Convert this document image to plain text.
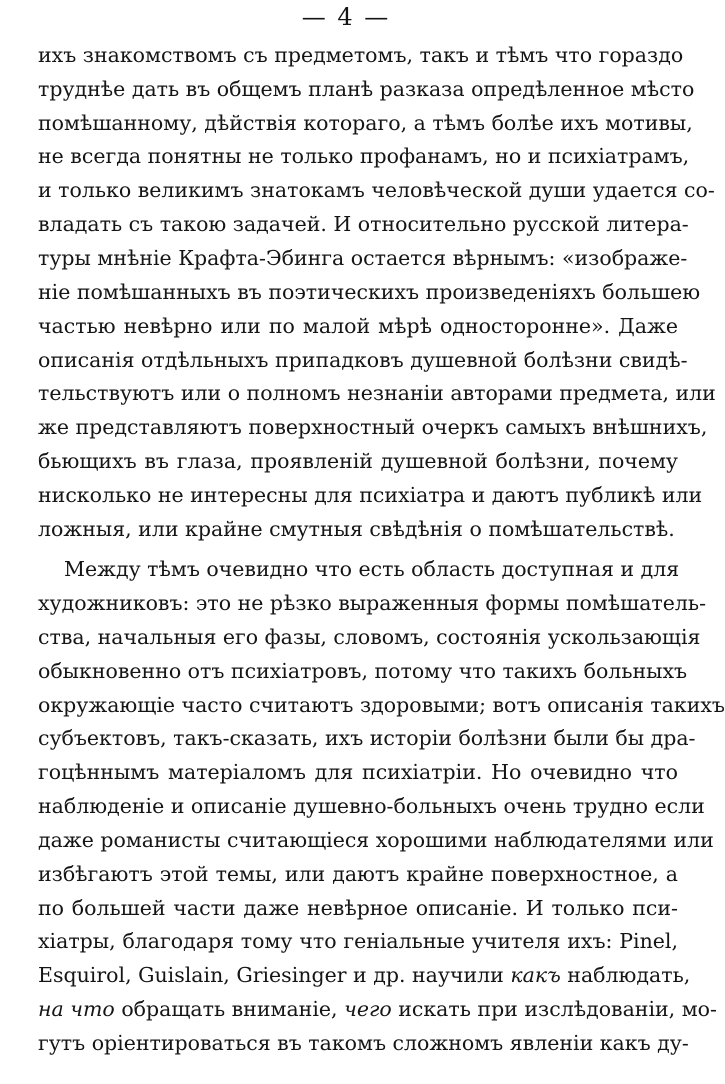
— 4 —
ихъ знакомствомъ съ предметомъ, такъ и тѣмъ что гораздо
труднѣе дать въ общемъ планѣ разказа опредѣленное мѣсто
помѣшанному, дѣйствія котораго, а тѣмъ болѣе ихъ мотивы,
не всегда понятны не только профанамъ, но и психіатрамъ,
и только великимъ знатокамъ человѣческой души удается со-
владать съ такою задачей. И относительно русской литера-
туры мнѣніе Крафта-Эбинга остается вѣрнымъ: «изображе-
ніе помѣшанныхъ въ поэтическихъ произведеніяхъ большею
частью невѣрно или по малой мѣрѣ односторонне». Даже
описанія отдѣльныхъ припадковъ душевной болѣзни свидѣ-
тельствуютъ или о полномъ незнаніи авторами предмета, или
же представляютъ поверхностный очеркъ самыхъ внѣшнихъ,
бьющихъ въ глаза, проявленій душевной болѣзни, почему
нисколько не интересны для психіатра и даютъ публикѣ или
ложныя, или крайне смутныя свѣдѣнія о помѣшательствѣ.
Между тѣмъ очевидно что есть область доступная и для
художниковъ: это не рѣзко выраженныя формы помѣшатель-
ства, начальныя его фазы, словомъ, состоянія ускользающія
обыкновенно отъ психіатровъ, потому что такихъ больныхъ
окружающіе часто считаютъ здоровыми; вотъ описанія такихъ
субъектовъ, такъ-сказать, ихъ исторіи болѣзни были бы дра-
гоцѣннымъ матеріаломъ для психіатріи. Но очевидно что
наблюденіе и описаніе душевно-больныхъ очень трудно если
даже романисты считающіеся хорошими наблюдателями или
избѣгаютъ этой темы, или даютъ крайне поверхностное, а
по большей части даже невѣрное описаніе. И только пси-
хіатры, благодаря тому что геніальные учителя ихъ: Pinel,
Esquirol, Guislain, Griesinger и др. научили какъ наблюдать,
на что обращать вниманіе, чего искать при изслѣдованіи, мо-
гутъ оріентироваться въ такомъ сложномъ явленіи какъ ду-
